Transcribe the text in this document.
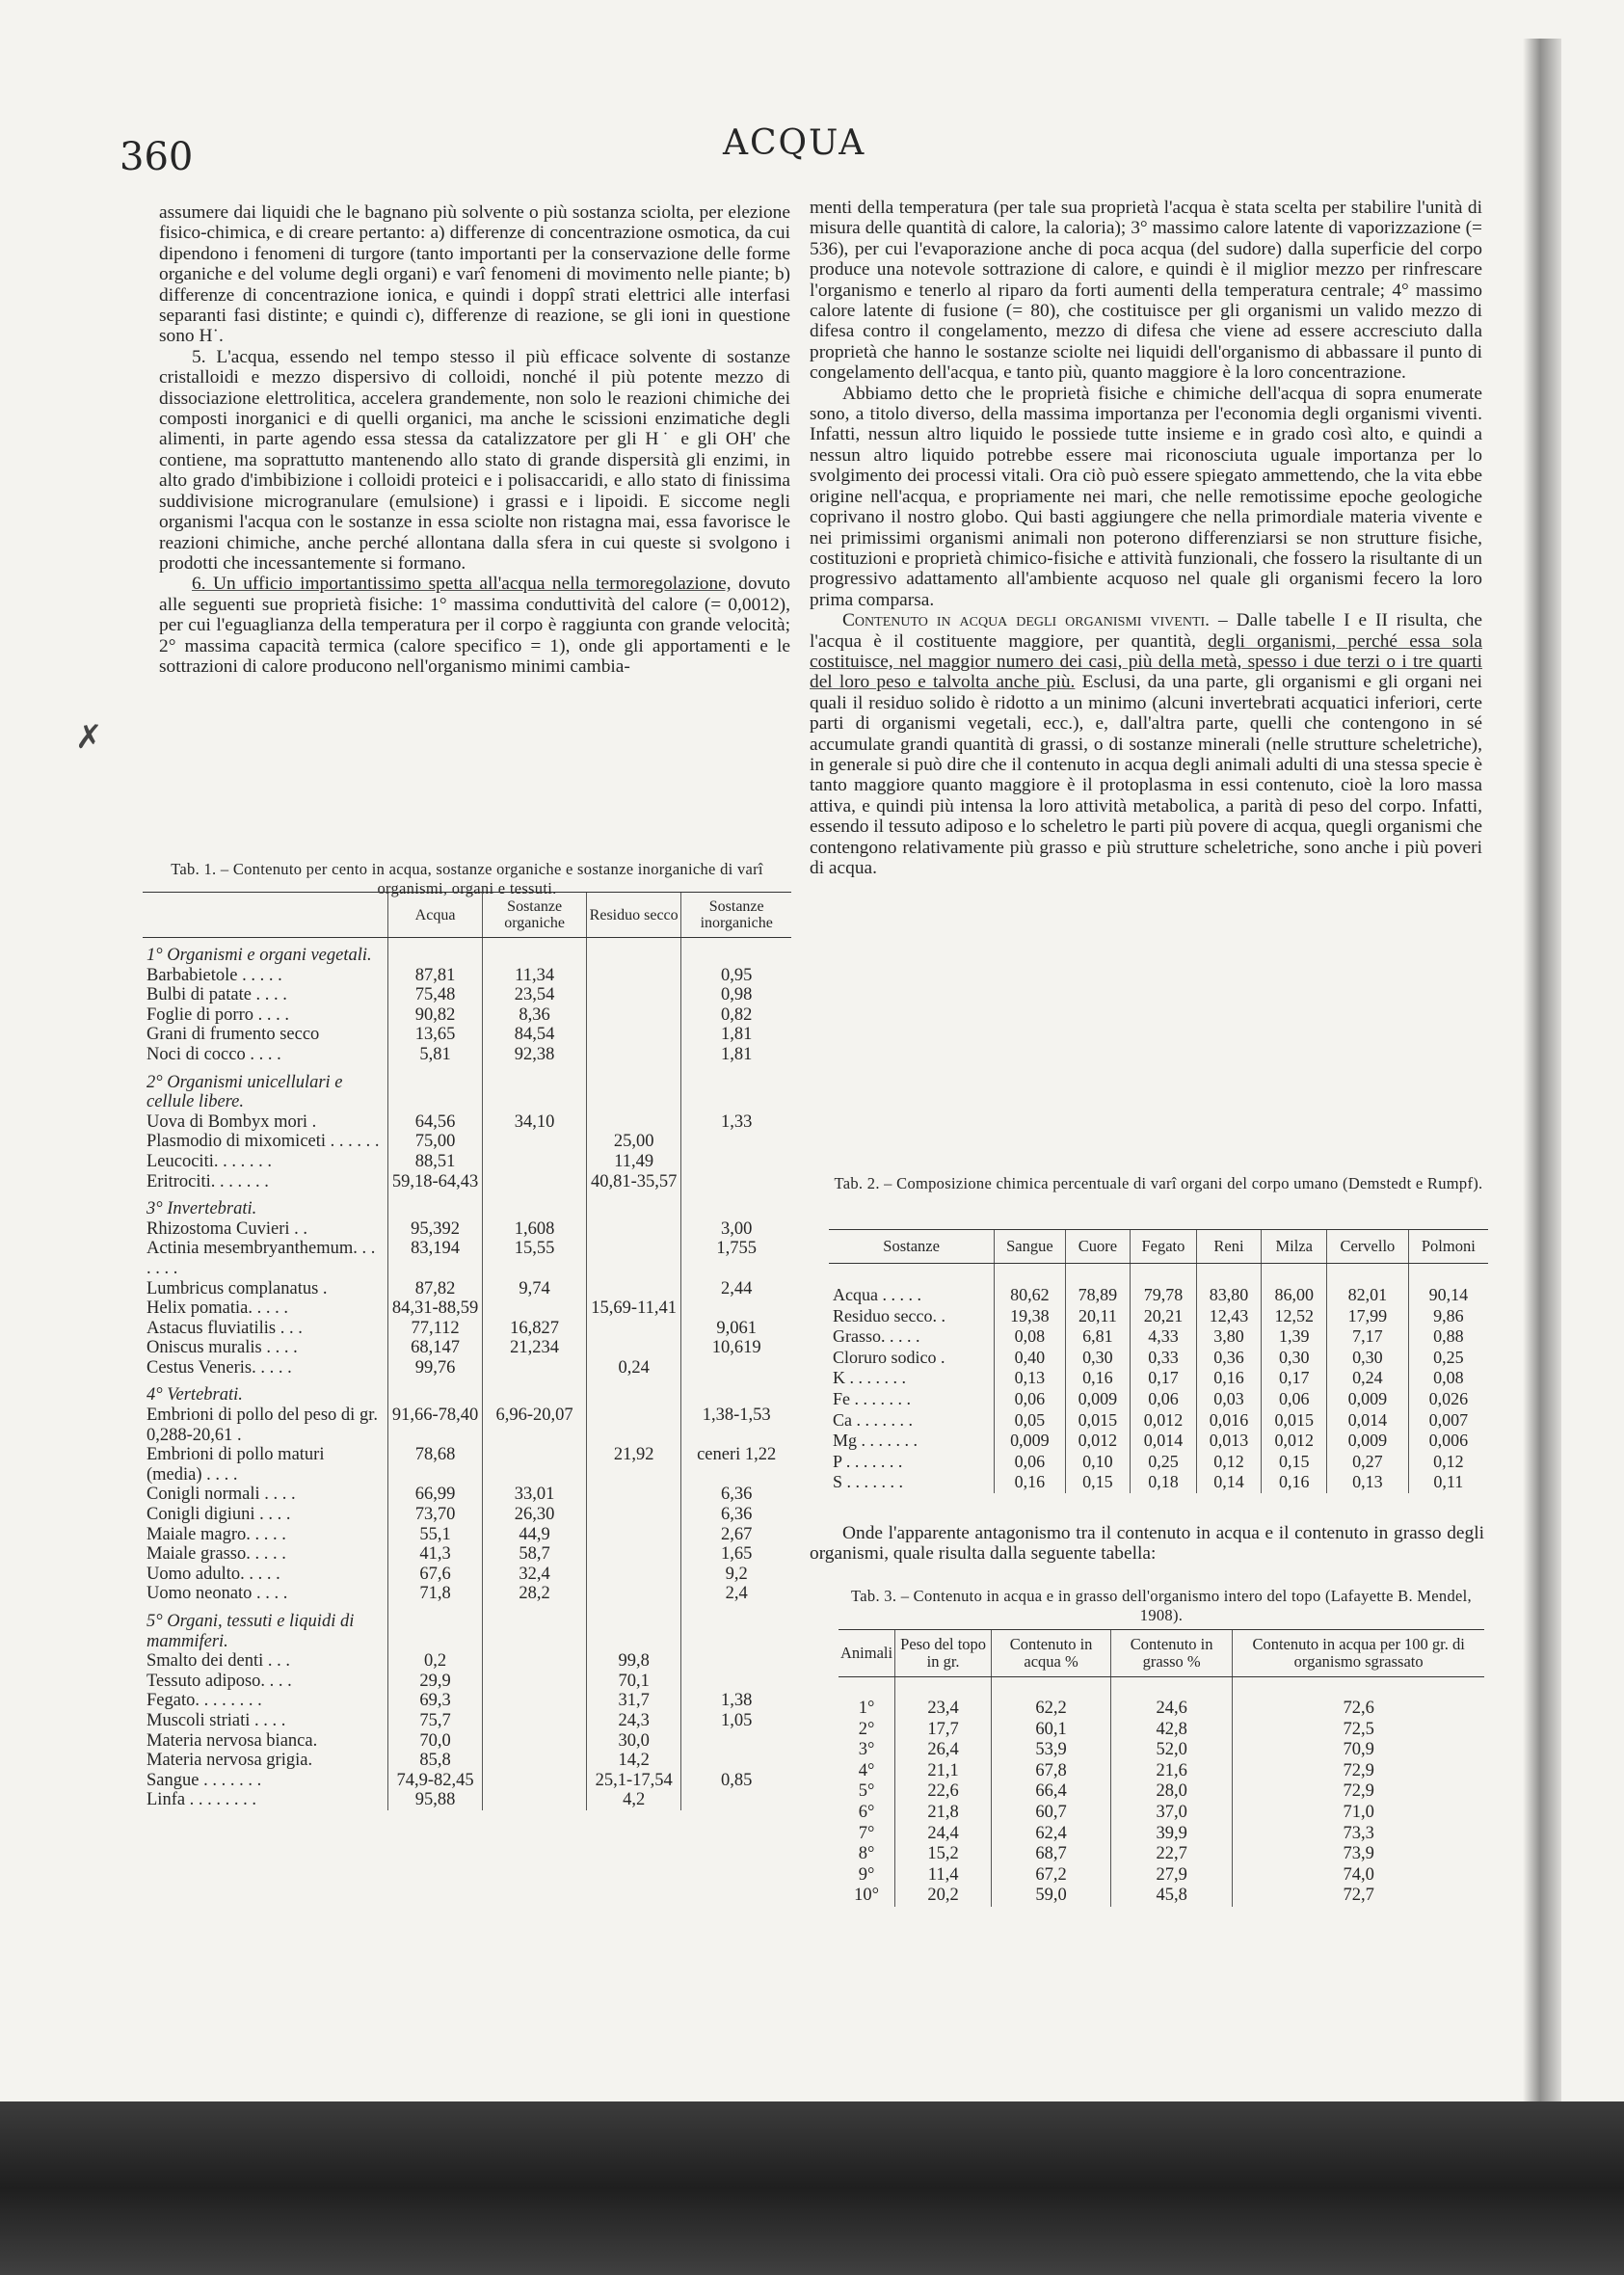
360	ACQUA
✗

assumere dai liquidi che le bagnano più solvente o più sostanza sciolta, per elezione fisico-chimica, e di creare pertanto: a) differenze di concentrazione osmotica, da cui dipendono i fenomeni di turgore (tanto importanti per la conservazione delle forme organiche e del volume degli organi) e varî fenomeni di movimento nelle piante; b) differenze di concentrazione ionica, e quindi i doppî strati elettrici alle interfasi separanti fasi distinte; e quindi c), differenze di reazione, se gli ioni in questione sono H˙.

5. L'acqua, essendo nel tempo stesso il più efficace solvente di sostanze cristalloidi e mezzo dispersivo di colloidi, nonché il più potente mezzo di dissociazione elettrolitica, accelera grandemente, non solo le reazioni chimiche dei composti inorganici e di quelli organici, ma anche le scissioni enzimatiche degli alimenti, in parte agendo essa stessa da catalizzatore per gli H˙ e gli OH' che contiene, ma soprattutto mantenendo allo stato di grande dispersità gli enzimi, in alto grado d'imbibizione i colloidi proteici e i polisaccaridi, e allo stato di finissima suddivisione microgranulare (emulsione) i grassi e i lipoidi. E siccome negli organismi l'acqua con le sostanze in essa sciolte non ristagna mai, essa favorisce le reazioni chimiche, anche perché allontana dalla sfera in cui queste si svolgono i prodotti che incessantemente si formano.

6. Un ufficio importantissimo spetta all'acqua nella termoregolazione, dovuto alle seguenti sue proprietà fisiche: 1° massima conduttività del calore (= 0,0012), per cui l'eguaglianza della temperatura per il corpo è raggiunta con grande velocità; 2° massima capacità termica (calore specifico = 1), onde gli apportamenti e le sottrazioni di calore producono nell'organismo minimi cambia-

Tab. 1. – Contenuto per cento in acqua, sostanze organiche e sostanze inorganiche di varî organismi, organi e tessuti.
	Acqua	Sostanze organiche	Residuo secco	Sostanze inorganiche
1° Organismi e organi vegetali.				
Barbabietole . . . . .	87,81	11,34		0,95
Bulbi di patate . . . .	75,48	23,54		0,98
Foglie di porro . . . .	90,82	8,36		0,82
Grani di frumento secco	13,65	84,54		1,81
Noci di cocco . . . .	5,81	92,38		1,81
2° Organismi unicellulari e cellule libere.				
Uova di Bombyx mori .	64,56	34,10		1,33
Plasmodio di mixomiceti . . . . . .	75,00		25,00	
Leucociti. . . . . . .	88,51		11,49	
Eritrociti. . . . . . .	59,18-64,43		40,81-35,57	
3° Invertebrati.				
Rhizostoma Cuvieri . .	95,392	1,608		3,00
Actinia mesembryanthemum. . . . . . .	83,194	15,55		1,755
Lumbricus complanatus .	87,82	9,74		2,44
Helix pomatia. . . . .	84,31-88,59		15,69-11,41	
Astacus fluviatilis . . .	77,112	16,827		9,061
Oniscus muralis . . . .	68,147	21,234		10,619
Cestus Veneris. . . . .	99,76		0,24	
4° Vertebrati.				
Embrioni di pollo del peso di gr. 0,288-20,61 .	91,66-78,40	6,96-20,07		1,38-1,53
Embrioni di pollo maturi (media) . . . .	78,68		21,92	ceneri 1,22
Conigli normali . . . .	66,99	33,01		6,36
Conigli digiuni . . . .	73,70	26,30		6,36
Maiale magro. . . . .	55,1	44,9		2,67
Maiale grasso. . . . .	41,3	58,7		1,65
Uomo adulto. . . . .	67,6	32,4		9,2
Uomo neonato . . . .	71,8	28,2		2,4
5° Organi, tessuti e liquidi di mammiferi.				
Smalto dei denti . . .	0,2		99,8	
Tessuto adiposo. . . .	29,9		70,1	
Fegato. . . . . . . .	69,3		31,7	1,38
Muscoli striati . . . .	75,7		24,3	1,05
Materia nervosa bianca.	70,0		30,0	
Materia nervosa grigia.	85,8		14,2	
Sangue . . . . . . .	74,9-82,45		25,1-17,54	0,85
Linfa . . . . . . . .	95,88		4,2	

menti della temperatura (per tale sua proprietà l'acqua è stata scelta per stabilire l'unità di misura delle quantità di calore, la caloria); 3° massimo calore latente di vaporizzazione (= 536), per cui l'evaporazione anche di poca acqua (del sudore) dalla superficie del corpo produce una notevole sottrazione di calore, e quindi è il miglior mezzo per rinfrescare l'organismo e tenerlo al riparo da forti aumenti della temperatura centrale; 4° massimo calore latente di fusione (= 80), che costituisce per gli organismi un valido mezzo di difesa contro il congelamento, mezzo di difesa che viene ad essere accresciuto dalla proprietà che hanno le sostanze sciolte nei liquidi dell'organismo di abbassare il punto di congelamento dell'acqua, e tanto più, quanto maggiore è la loro concentrazione.

Abbiamo detto che le proprietà fisiche e chimiche dell'acqua di sopra enumerate sono, a titolo diverso, della massima importanza per l'economia degli organismi viventi. Infatti, nessun altro liquido le possiede tutte insieme e in grado così alto, e quindi a nessun altro liquido potrebbe essere mai riconosciuta uguale importanza per lo svolgimento dei processi vitali. Ora ciò può essere spiegato ammettendo, che la vita ebbe origine nell'acqua, e propriamente nei mari, che nelle remotissime epoche geologiche coprivano il nostro globo. Qui basti aggiungere che nella primordiale materia vivente e nei primissimi organismi animali non poterono differenziarsi se non strutture fisiche, costituzioni e proprietà chimico-fisiche e attività funzionali, che fossero la risultante di un progressivo adattamento all'ambiente acquoso nel quale gli organismi fecero la loro prima comparsa.

Contenuto in acqua degli organismi viventi. – Dalle tabelle I e II risulta, che l'acqua è il costituente maggiore, per quantità, degli organismi, perché essa sola costituisce, nel maggior numero dei casi, più della metà, spesso i due terzi o i tre quarti del loro peso e talvolta anche più. Esclusi, da una parte, gli organismi e gli organi nei quali il residuo solido è ridotto a un minimo (alcuni invertebrati acquatici inferiori, certe parti di organismi vegetali, ecc.), e, dall'altra parte, quelli che contengono in sé accumulate grandi quantità di grassi, o di sostanze minerali (nelle strutture scheletriche), in generale si può dire che il contenuto in acqua degli animali adulti di una stessa specie è tanto maggiore quanto maggiore è il protoplasma in essi contenuto, cioè la loro massa attiva, e quindi più intensa la loro attività metabolica, a parità di peso del corpo. Infatti, essendo il tessuto adiposo e lo scheletro le parti più povere di acqua, quegli organismi che contengono relativamente più grasso e più strutture scheletriche, sono anche i più poveri di acqua.

Tab. 2. – Composizione chimica percentuale di varî organi del corpo umano (Demstedt e Rumpf).
Sostanze	Sangue	Cuore	Fegato	Reni	Milza	Cervello	Polmoni
Acqua . . . . .	80,62	78,89	79,78	83,80	86,00	82,01	90,14
Residuo secco. .	19,38	20,11	20,21	12,43	12,52	17,99	9,86
Grasso. . . . .	0,08	6,81	4,33	3,80	1,39	7,17	0,88
Cloruro sodico .	0,40	0,30	0,33	0,36	0,30	0,30	0,25
K . . . . . . .	0,13	0,16	0,17	0,16	0,17	0,24	0,08
Fe . . . . . . .	0,06	0,009	0,06	0,03	0,06	0,009	0,026
Ca . . . . . . .	0,05	0,015	0,012	0,016	0,015	0,014	0,007
Mg . . . . . . .	0,009	0,012	0,014	0,013	0,012	0,009	0,006
P . . . . . . .	0,06	0,10	0,25	0,12	0,15	0,27	0,12
S . . . . . . .	0,16	0,15	0,18	0,14	0,16	0,13	0,11
Onde l'apparente antagonismo tra il contenuto in acqua e il contenuto in grasso degli organismi, quale risulta dalla seguente tabella:
Tab. 3. – Contenuto in acqua e in grasso dell'organismo intero del topo (Lafayette B. Mendel, 1908).
Animali	Peso del topo in gr.	Contenuto in acqua %	Contenuto in grasso %	Contenuto in acqua per 100 gr. di organismo sgrassato
1°	23,4	62,2	24,6	72,6
2°	17,7	60,1	42,8	72,5
3°	26,4	53,9	52,0	70,9
4°	21,1	67,8	21,6	72,9
5°	22,6	66,4	28,0	72,9
6°	21,8	60,7	37,0	71,0
7°	24,4	62,4	39,9	73,3
8°	15,2	68,7	22,7	73,9
9°	11,4	67,2	27,9	74,0
10°	20,2	59,0	45,8	72,7
